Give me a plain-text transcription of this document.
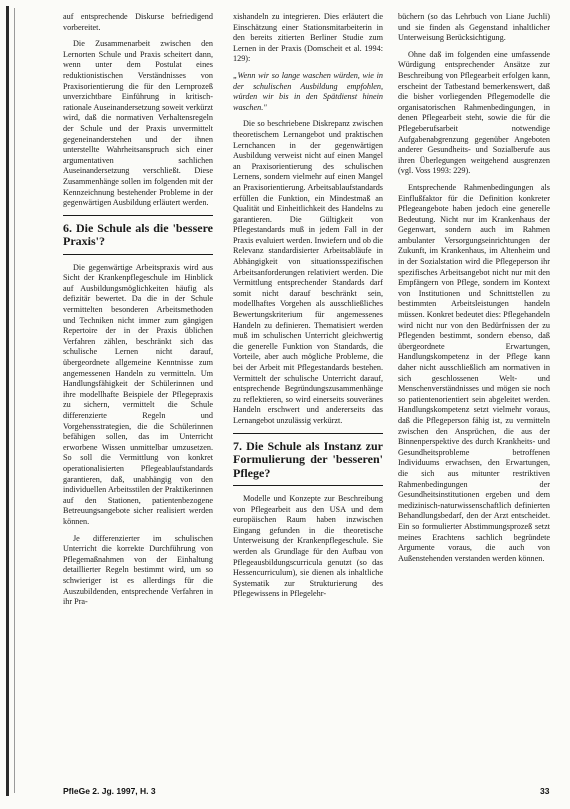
auf entsprechende Diskurse befriedigend vorbereitet.

Die Zusammenarbeit zwischen den Lernorten Schule und Praxis scheitert dann, wenn unter dem Postulat eines reduktionistischen Verständnisses von Praxisorientierung die für den Lernprozeß unverzichtbare Einführung in kritisch-rationale Auseinandersetzung soweit verkürzt wird, daß die normativen Verhaltensregeln der Schule und der Praxis unvermittelt gegeneinanderstehen und der ihnen unterstellte Wahrheitsanspruch sich einer argumentativen sachlichen Auseinandersetzung verschließt. Diese Zusammenhänge sollen im folgenden mit der Kennzeichnung bestehender Probleme in der gegenwärtigen Ausbildung erläutert werden.

6. Die Schule als die 'bessere Praxis'?

Die gegenwärtige Arbeitspraxis wird aus Sicht der Krankenpflegeschule im Hinblick auf Ausbildungsmöglichkeiten häufig als defizitär bewertet. Da die in der Schule vermittelten besonderen Arbeitsmethoden und Techniken nicht immer zum gängigen Repertoire der in der Praxis üblichen Verfahren zählen, beschränkt sich das schulische Lernen nicht darauf, übergeordnete allgemeine Kenntnisse zum angemessenen Handeln zu vermitteln. Um Handlungsfähigkeit der Schülerinnen und ihre modellhafte Beispiele der Pflegepraxis zu sichern, vermittelt die Schule differenzierte Regeln und Vorgehensstrategien, die die Schülerinnen befähigen sollen, das im Unterricht erworbene Wissen unmittelbar umzusetzen. So soll die Vermittlung von konkret operationalisierten Pflegeablaufstandards garantieren, daß, unabhängig von den individuellen Arbeitsstilen der Praktikerinnen auf den Stationen, patientenbezogene Betreuungsangebote sicher realisiert werden können.

Je differenzierter im schulischen Unterricht die korrekte Durchführung von Pflegemaßnahmen von der Einhaltung detaillierter Regeln bestimmt wird, um so schwieriger ist es allerdings für die Auszubildenden, entsprechende Verfahren in ihr Pra-

xishandeln zu integrieren. Dies erläutert die Einschätzung einer Stationsmitarbeiterin in den bereits zitierten Berliner Studie zum Lernen in der Praxis (Domscheit et al. 1994: 129):

„Wenn wir so lange waschen würden, wie in der schulischen Ausbildung empfohlen, würden wir bis in den Spätdienst hinein waschen."

Die so beschriebene Diskrepanz zwischen theoretischem Lernangebot und praktischen Lernchancen in der gegenwärtigen Ausbildung verweist nicht auf einen Mangel an Praxisorientierung des schulischen Lernens, sondern vielmehr auf einen Mangel an Praxisorientierung. Arbeitsablaufstandards erfüllen die Funktion, ein Mindestmaß an Qualität und Einheitlichkeit des Handelns zu garantieren. Die Gültigkeit von Pflegestandards muß in jedem Fall in der Praxis evaluiert werden. Inwiefern und ob die Relevanz standardisierter Arbeitsabläufe in Abhängigkeit von situationsspezifischen Arbeitsanforderungen relativiert werden. Die Vermittlung entsprechender Standards darf somit nicht darauf beschränkt sein, modellhaftes Vorgehen als ausschließliches Bewertungskriterium für angemessenes Handeln zu definieren. Thematisiert werden muß im schulischen Unterricht gleichwertig die generelle Funktion von Standards, die Vorteile, aber auch mögliche Probleme, die bei der Arbeit mit Pflegestandards bestehen. Vermittelt der schulische Unterricht darauf, entsprechende Begründungszusammenhänge zu reflektieren, so wird einerseits souveränes Handeln erschwert und andererseits das Lernangebot unzulässig verkürzt.

7. Die Schule als Instanz zur Formulierung der 'besseren' Pflege?

Modelle und Konzepte zur Beschreibung von Pflegearbeit aus den USA und dem europäischen Raum haben inzwischen Eingang gefunden in die theoretische Unterweisung der Krankenpflegeschule. Sie werden als Grundlage für den Aufbau von Pflegeausbildungscurricula genutzt (so das Hessencurriculum), sie dienen als inhaltliche Systematik zur Strukturierung des Pflegewissens in Pflegelehr-

büchern (so das Lehrbuch von Liane Juchli) und sie finden als Gegenstand inhaltlicher Unterweisung Berücksichtigung.

Ohne daß im folgenden eine umfassende Würdigung entsprechender Ansätze zur Beschreibung von Pflegearbeit erfolgen kann, erscheint der Tatbestand bemerkenswert, daß die bisher vorliegenden Pflegemodelle die organisatorischen Rahmenbedingungen, in denen Pflegearbeit steht, sowie die für die Pflegeberufsarbeit notwendige Aufgabenabgrenzung gegenüber Angeboten anderer Gesundheits- und Sozialberufe aus ihren Überlegungen weitgehend ausgrenzen (vgl. Voss 1993: 229).

Entsprechende Rahmenbedingungen als Einflußfaktor für die Definition konkreter Pflegeangebote haben jedoch eine generelle Bedeutung. Nicht nur im Krankenhaus der Gegenwart, sondern auch im Rahmen ambulanter Versorgungseinrichtungen der Zukunft, im Krankenhaus, im Altenheim und in der Sozialstation wird die Pflegeperson ihr spezifisches Arbeitsangebot nicht nur mit den Empfängern von Pflege, sondern im Kontext von Institutionen und Schnittstellen zu bestimmten Arbeitsleistungen handeln müssen. Konkret bedeutet dies: Pflegehandeln wird nicht nur von den Bedürfnissen der zu Pflegenden bestimmt, sondern ebenso, daß übergeordnete Erwartungen, Handlungskompetenz in der Pflege kann daher nicht ausschließlich am normativen in sich geschlossenen Welt- und Menschenverständnisses und mögen sie noch so patientenorientiert sein abgeleitet werden. Handlungskompetenz setzt vielmehr voraus, daß die Pflegeperson fähig ist, zu vermitteln zwischen den Ansprüchen, die aus der Binnenperspektive des durch Krankheits- und Gesundheitsprobleme betroffenen Individuums erwachsen, den Erwartungen, die sich aus mitunter restriktiven Rahmenbedingungen der Gesundheitsinstitutionen ergeben und dem medizinisch-naturwissenschaftlich definierten Behandlungsbedarf, den der Arzt entscheidet. Ein so formulierter Abstimmungsprozeß setzt meines Erachtens sachlich begründete Argumente voraus, die auch von Außenstehenden verstanden werden können.

PfleGe 2. Jg. 1997, H. 3	33
